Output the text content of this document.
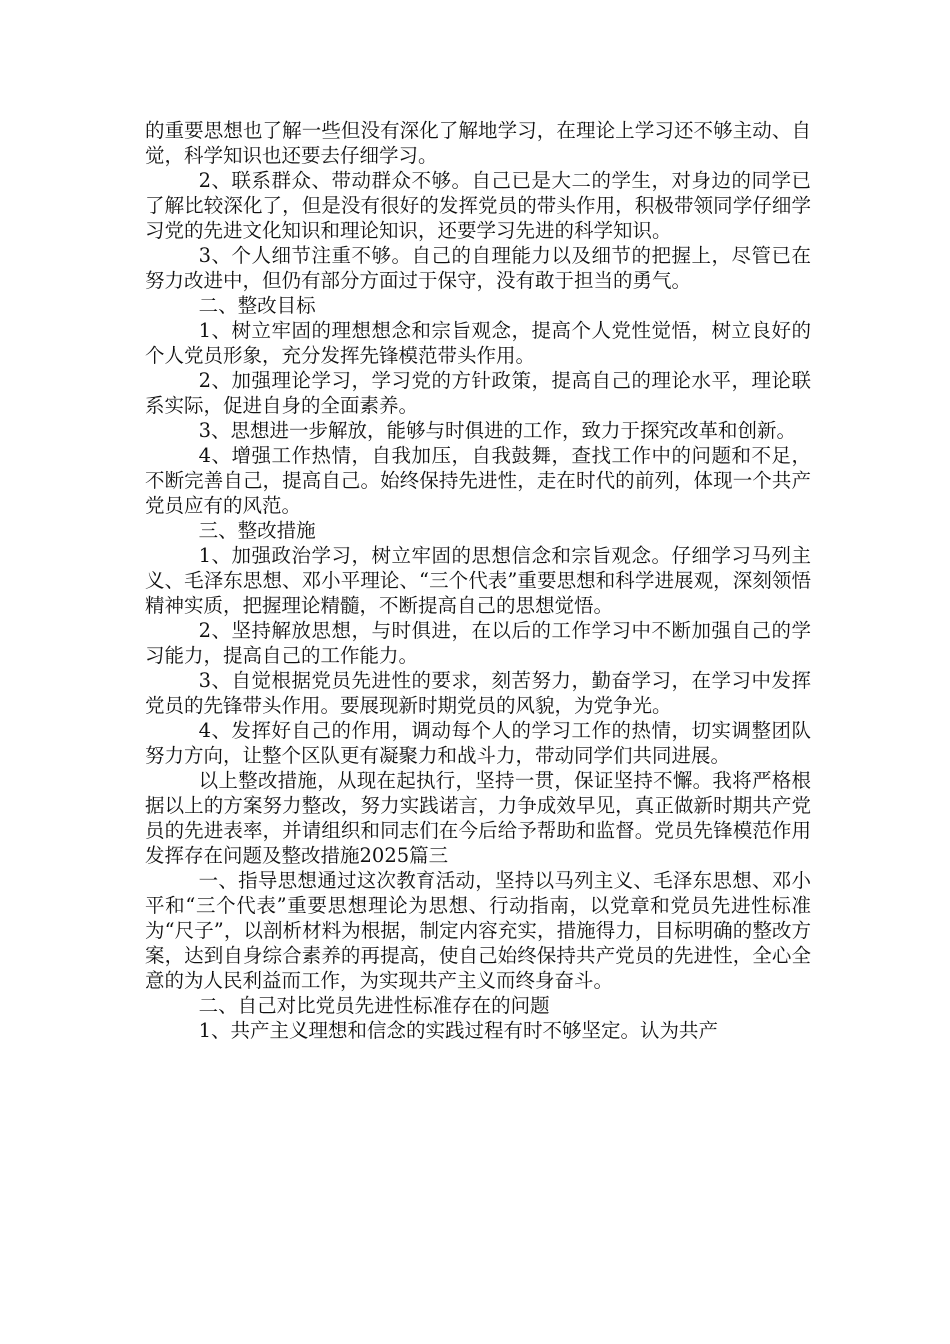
的重要思想也了解一些但没有深化了解地学习，在理论上学习还不够主动、自觉，科学知识也还要去仔细学习。

2、联系群众、带动群众不够。自己已是大二的学生，对身边的同学已了解比较深化了，但是没有很好的发挥党员的带头作用，积极带领同学仔细学习党的先进文化知识和理论知识，还要学习先进的科学知识。

3、个人细节注重不够。自己的自理能力以及细节的把握上，尽管已在努力改进中，但仍有部分方面过于保守，没有敢于担当的勇气。

二、整改目标

1、树立牢固的理想想念和宗旨观念，提高个人党性觉悟，树立良好的个人党员形象，充分发挥先锋模范带头作用。

2、加强理论学习，学习党的方针政策，提高自己的理论水平，理论联系实际，促进自身的全面素养。

3、思想进一步解放，能够与时俱进的工作，致力于探究改革和创新。

4、增强工作热情，自我加压，自我鼓舞，查找工作中的问题和不足，不断完善自己，提高自己。始终保持先进性，走在时代的前列，体现一个共产党员应有的风范。

三、整改措施

1、加强政治学习，树立牢固的思想信念和宗旨观念。仔细学习马列主义、毛泽东思想、邓小平理论、“三个代表”重要思想和科学进展观，深刻领悟精神实质，把握理论精髓，不断提高自己的思想觉悟。

2、坚持解放思想，与时俱进，在以后的工作学习中不断加强自己的学习能力，提高自己的工作能力。

3、自觉根据党员先进性的要求，刻苦努力，勤奋学习，在学习中发挥党员的先锋带头作用。要展现新时期党员的风貌，为党争光。

4、发挥好自己的作用，调动每个人的学习工作的热情，切实调整团队努力方向，让整个区队更有凝聚力和战斗力，带动同学们共同进展。

以上整改措施，从现在起执行，坚持一贯，保证坚持不懈。我将严格根据以上的方案努力整改，努力实践诺言，力争成效早见，真正做新时期共产党员的先进表率，并请组织和同志们在今后给予帮助和监督。党员先锋模范作用发挥存在问题及整改措施2025篇三

一、指导思想通过这次教育活动，坚持以马列主义、毛泽东思想、邓小平和“三个代表”重要思想理论为思想、行动指南，以党章和党员先进性标准为“尺子”，以剖析材料为根据，制定内容充实，措施得力，目标明确的整改方案，达到自身综合素养的再提高，使自己始终保持共产党员的先进性，全心全意的为人民利益而工作，为实现共产主义而终身奋斗。

二、自己对比党员先进性标准存在的问题

1、共产主义理想和信念的实践过程有时不够坚定。认为共产
